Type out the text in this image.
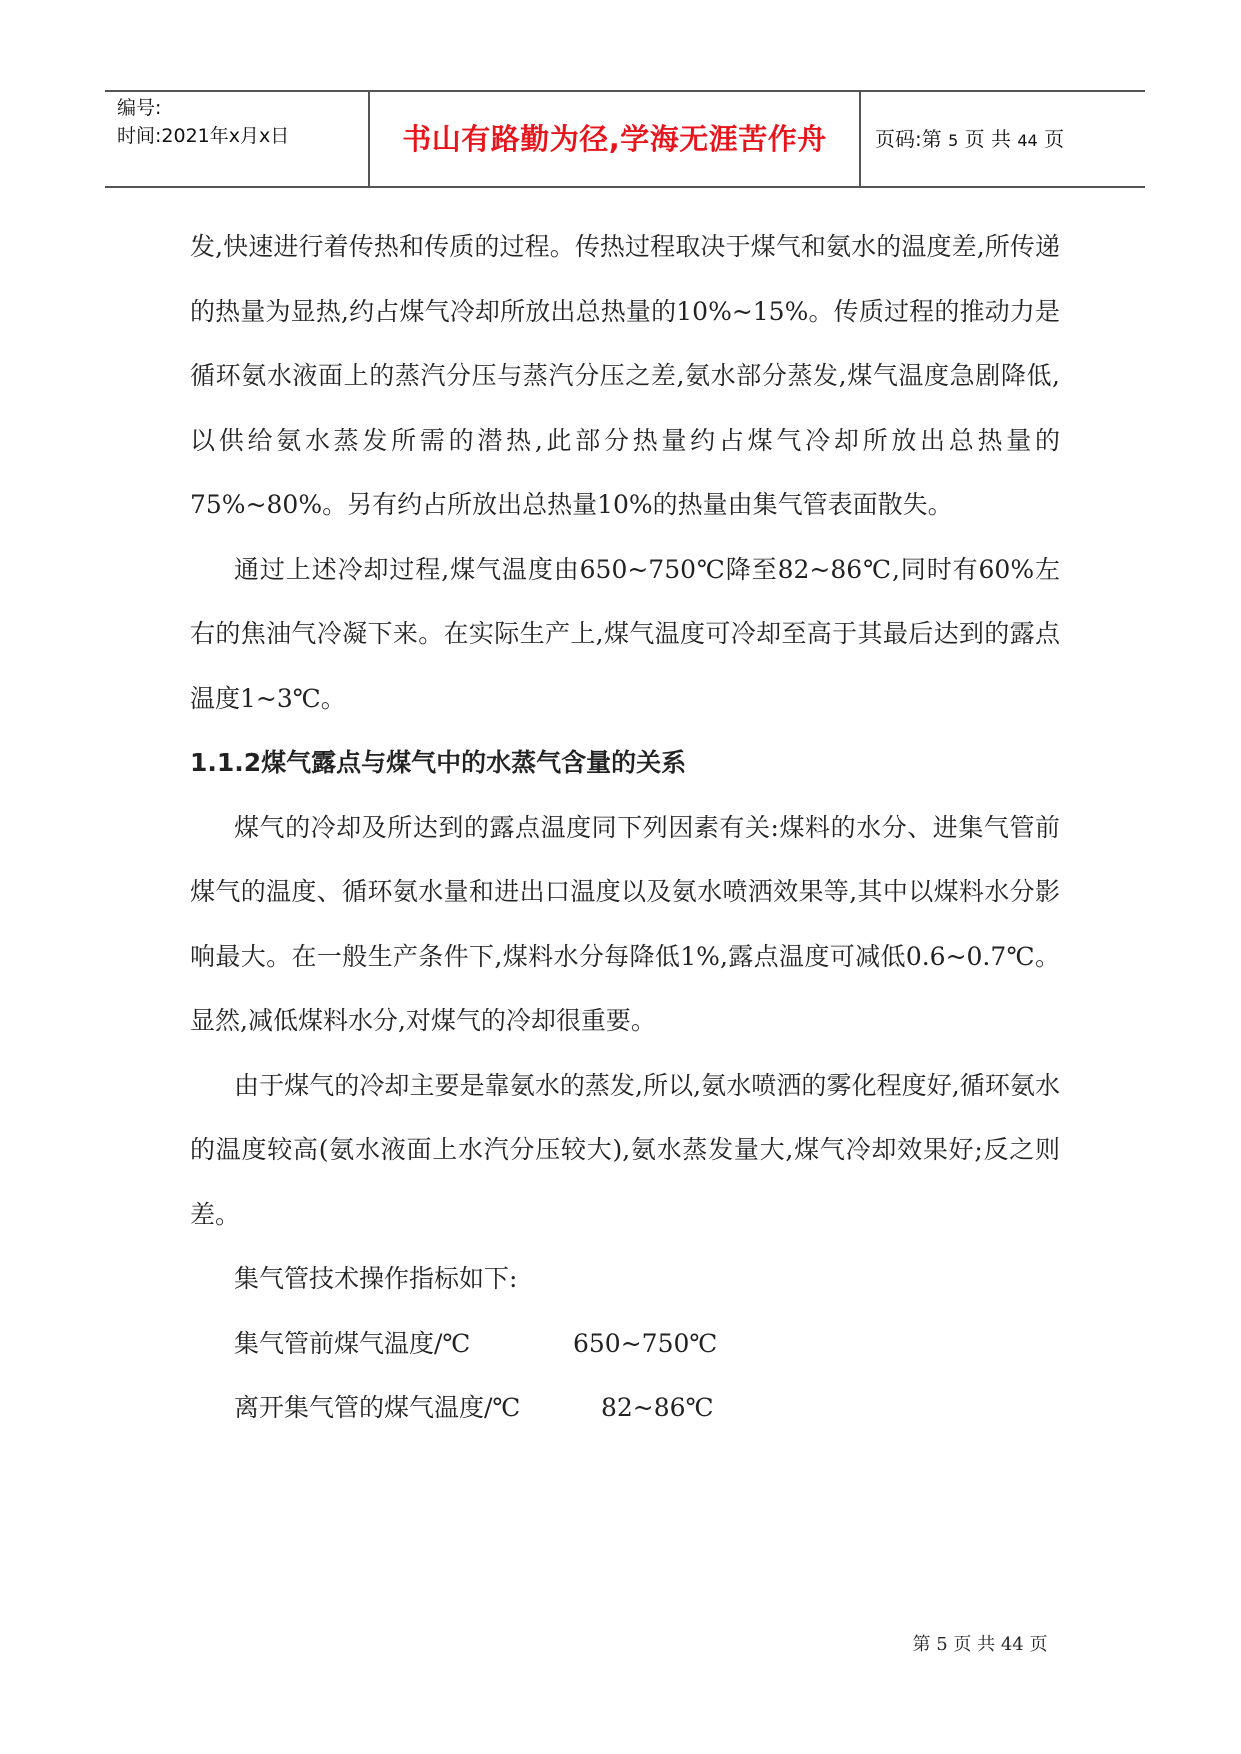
编号:
时间:2021年x月x日	书山有路勤为径,学海无涯苦作舟	页码:第 5 页 共 44 页

发,快速进行着传热和传质的过程。传热过程取决于煤气和氨水的温度差,所传递的热量为显热,约占煤气冷却所放出总热量的10%~15%。传质过程的推动力是循环氨水液面上的蒸汽分压与蒸汽分压之差,氨水部分蒸发,煤气温度急剧降低,以供给氨水蒸发所需的潜热,此部分热量约占煤气冷却所放出总热量的75%~80%。另有约占所放出总热量10%的热量由集气管表面散失。

通过上述冷却过程,煤气温度由650~750℃降至82~86℃,同时有60%左右的焦油气冷凝下来。在实际生产上,煤气温度可冷却至高于其最后达到的露点温度1~3℃。

1.1.2煤气露点与煤气中的水蒸气含量的关系

煤气的冷却及所达到的露点温度同下列因素有关:煤料的水分、进集气管前煤气的温度、循环氨水量和进出口温度以及氨水喷洒效果等,其中以煤料水分影响最大。在一般生产条件下,煤料水分每降低1%,露点温度可减低0.6~0.7℃。显然,减低煤料水分,对煤气的冷却很重要。

由于煤气的冷却主要是靠氨水的蒸发,所以,氨水喷洒的雾化程度好,循环氨水的温度较高(氨水液面上水汽分压较大),氨水蒸发量大,煤气冷却效果好;反之则差。

集气管技术操作指标如下:

集气管前煤气温度/℃	650~750℃
离开集气管的煤气温度/℃	82~86℃
第 5 页 共 44 页
